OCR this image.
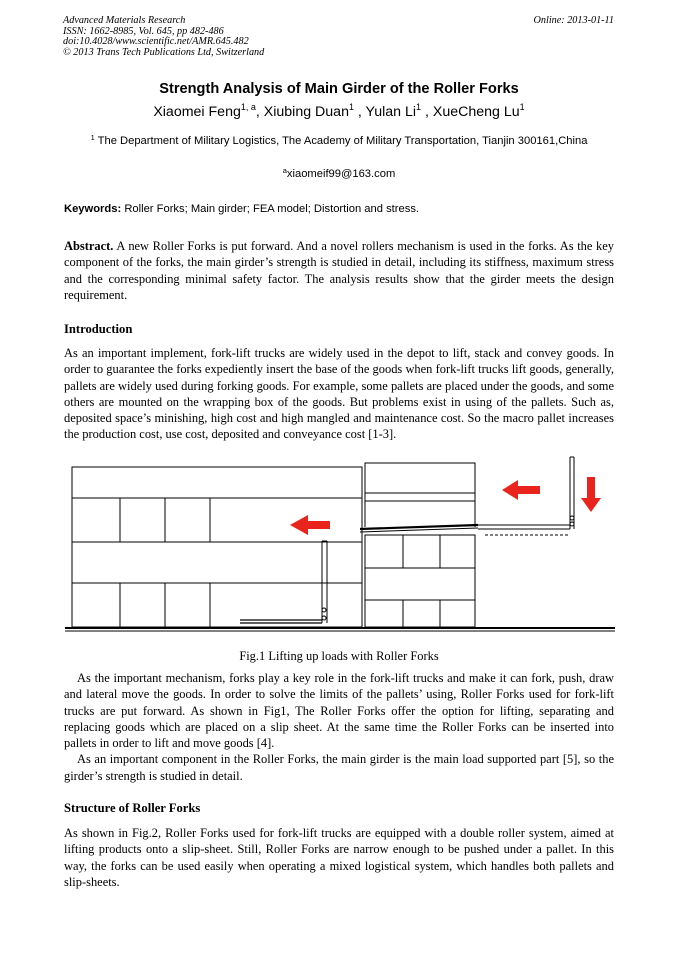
Advanced Materials Research
ISSN: 1662-8985, Vol. 645, pp 482-486
doi:10.4028/www.scientific.net/AMR.645.482
© 2013 Trans Tech Publications Ltd, Switzerland
Online: 2013-01-11
Strength Analysis of Main Girder of the Roller Forks
Xiaomei Feng$^{1, a}$, Xiubing Duan$^1$ , Yulan Li$^1$ , XueCheng Lu$^1$
$^1$ The Department of Military Logistics, The Academy of Military Transportation, Tianjin 300161,China
$^a$xiaomeif99@163.com
Keywords: Roller Forks; Main girder; FEA model; Distortion and stress.

Abstract. A new Roller Forks is put forward. And a novel rollers mechanism is used in the forks. As the key component of the forks, the main girder’s strength is studied in detail, including its stiffness, maximum stress and the corresponding minimal safety factor. The analysis results show that the girder meets the design requirement.

Introduction

As an important implement, fork-lift trucks are widely used in the depot to lift, stack and convey goods. In order to guarantee the forks expediently insert the base of the goods when fork-lift trucks lift goods, generally, pallets are widely used during forking goods. For example, some pallets are placed under the goods, and some others are mounted on the wrapping box of the goods. But problems exist in using of the pallets. Such as, deposited space’s minishing, high cost and high mangled and maintenance cost. So the macro pallet increases the production cost, use cost, deposited and conveyance cost [1-3].

Fig.1 Lifting up loads with Roller Forks

As the important mechanism, forks play a key role in the fork-lift trucks and make it can fork, push, draw and lateral move the goods. In order to solve the limits of the pallets’ using, Roller Forks used for fork-lift trucks are put forward. As shown in Fig1, The Roller Forks offer the option for lifting, separating and replacing goods which are placed on a slip sheet. At the same time the Roller Forks can be inserted into pallets in order to lift and move goods [4].

As an important component in the Roller Forks, the main girder is the main load supported part [5], so the girder’s strength is studied in detail.

Structure of Roller Forks

As shown in Fig.2, Roller Forks used for fork-lift trucks are equipped with a double roller system, aimed at lifting products onto a slip-sheet. Still, Roller Forks are narrow enough to be pushed under a pallet. In this way, the forks can be used easily when operating a mixed logistical system, which handles both pallets and slip-sheets.
